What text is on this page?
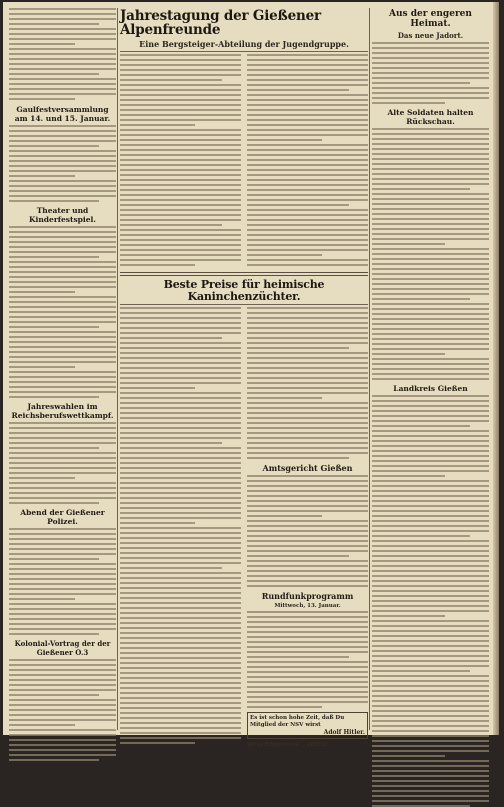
Gaulfestversammlung am 14. und 15. Januar.
Theater und Kinderfestspiel.
Jahreswahlen im Reichsberufswettkampf.
Abend der Gießener Polizei.
Kolonial-Vortrag der der Gießener O.3
Jahrestagung der Gießener Alpenfreunde
Eine Bergsteiger-Abteilung der Jugendgruppe.
Beste Preise für heimische Kaninchenzüchter.
Amtsgericht Gießen
Rundfunkprogramm
Mittwoch, 13. Januar.
Es ist schon hohe Zeit, daß Du Mitglied der NSV wirst
Adolf Hitler.
Verlag Erdgeschosse ... 1938/32
Aus der engeren Heimat.
Das neue Jadort.
Alte Soldaten halten Rückschau.
Landkreis Gießen
